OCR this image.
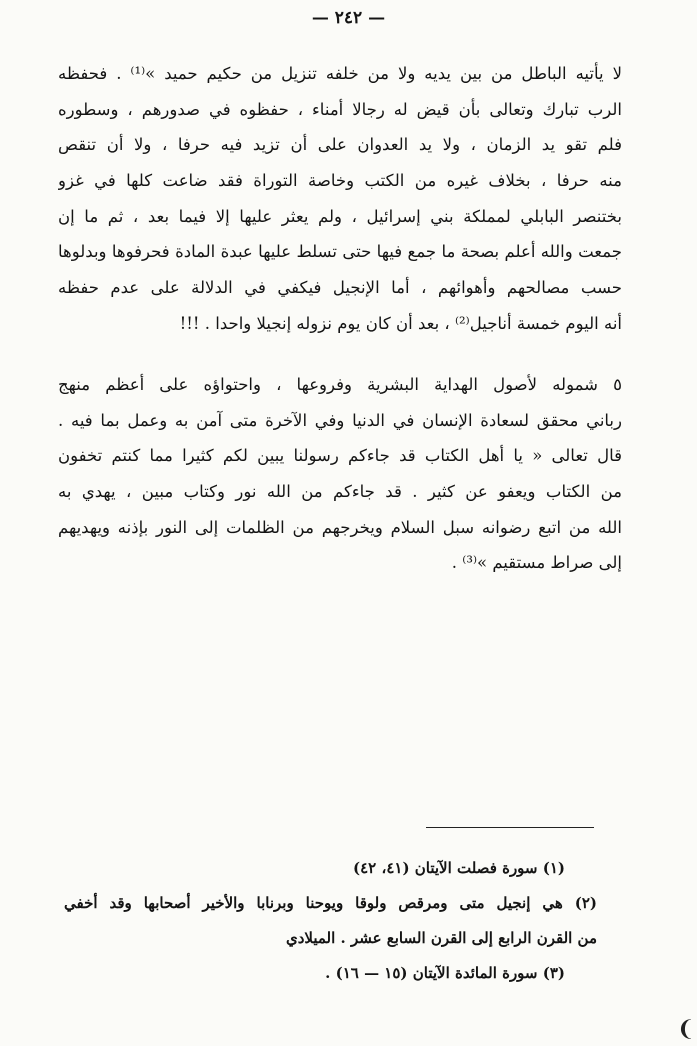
— ٢٤٢ —
لا يأتيه الباطل من بين يديه ولا من خلفه تنزيل من حكيم حميد »⁽¹⁾ . فحفظه
الرب تبارك وتعالى بأن قيض له رجالا أمناء ، حفظوه في صدورهم ، وسطوره
فلم تقو يد الزمان ، ولا يد العدوان على أن تزيد فيه حرفا ، ولا أن تنقص
منه حرفا ، بخلاف غيره من الكتب وخاصة التوراة فقد ضاعت كلها في غزو
بختنصر البابلي لمملكة بني إسرائيل ، ولم يعثر عليها إلا فيما بعد ، ثم ما إن
جمعت والله أعلم بصحة ما جمع فيها حتى تسلط عليها عبدة المادة فحرفوها وبدلوها
حسب مصالحهم وأهوائهم ، أما الإنجيل فيكفي في الدلالة على عدم حفظه
أنه اليوم خمسة أناجيل⁽²⁾ ، بعد أن كان يوم نزوله إنجيلا واحدا . !!!
٥ شموله لأصول الهداية البشرية وفروعها ، واحتواؤه على أعظم منهج
رباني محقق لسعادة الإنسان في الدنيا وفي الآخرة متى آمن به وعمل بما فيه .
قال تعالى « يا أهل الكتاب قد جاءكم رسولنا يبين لكم كثيرا مما كنتم تخفون
من الكتاب ويعفو عن كثير . قد جاءكم من الله نور وكتاب مبين ، يهدي به
الله من اتبع رضوانه سبل السلام ويخرجهم من الظلمات إلى النور بإذنه ويهديهم
إلى صراط مستقيم »⁽³⁾ .
(١) سورة فصلت الآيتان (٤١، ٤٢)
(٢) هي إنجيل متى ومرقص ولوقا ويوحنا وبرنابا والأخير أصحابها وقد أخفي
من القرن الرابع إلى القرن السابع عشر . الميلادي
(٣) سورة المائدة الآيتان (١٥ — ١٦) .
❨
